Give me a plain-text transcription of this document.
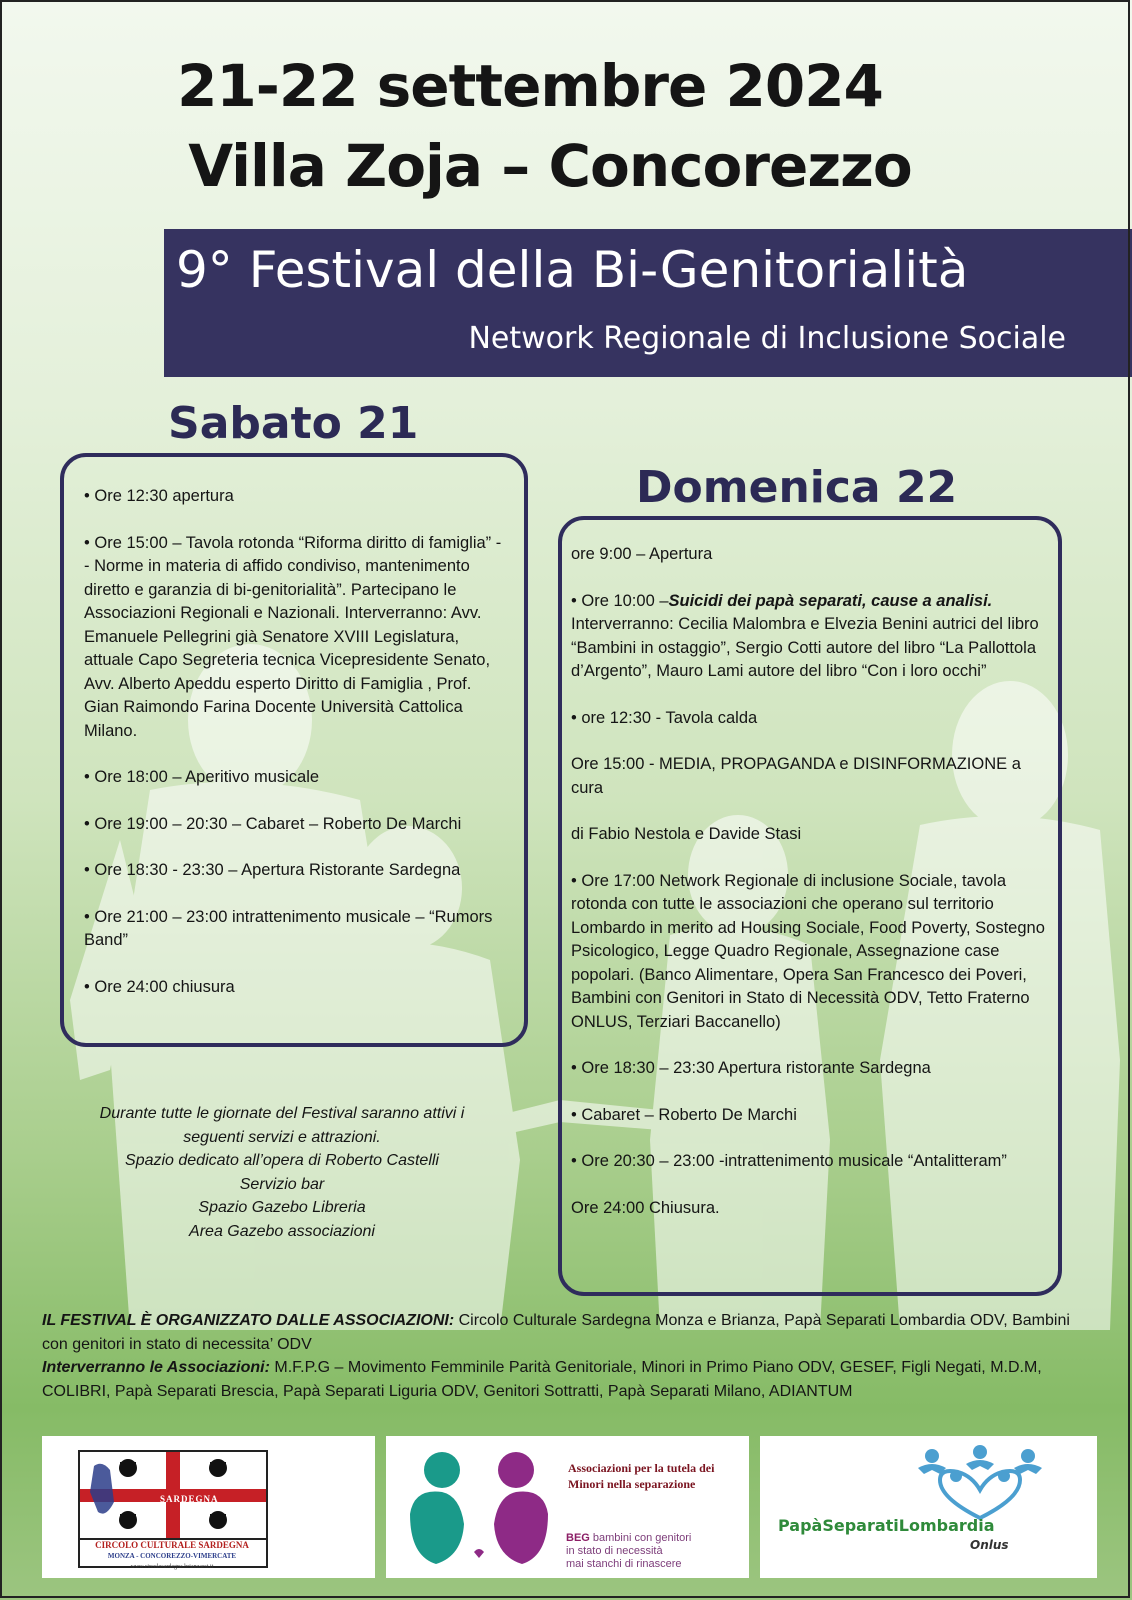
21-22 settembre 2024
Villa Zoja – Concorezzo
9° Festival della Bi-Genitorialità
Network Regionale di Inclusione Sociale
Sabato 21
• Ore 12:30 apertura
• Ore 15:00 – Tavola rotonda “Riforma diritto di famiglia” - - Norme in materia di affido condiviso, mantenimento diretto e garanzia di bi-genitorialità”. Partecipano le Associazioni Regionali e Nazionali. Interverranno: Avv. Emanuele Pellegrini già Senatore XVIII Legislatura, attuale Capo Segreteria tecnica Vicepresidente Senato, Avv. Alberto Apeddu esperto Diritto di Famiglia , Prof. Gian Raimondo Farina Docente Università Cattolica Milano.
• Ore 18:00 – Aperitivo musicale
• Ore 19:00 – 20:30 – Cabaret – Roberto De Marchi
• Ore 18:30 - 23:30 – Apertura Ristorante Sardegna
• Ore 21:00 – 23:00 intrattenimento musicale – “Rumors Band”
• Ore 24:00 chiusura
Domenica 22
ore 9:00 – Apertura
• Ore 10:00 –Suicidi dei papà separati, cause a analisi.
Interverranno: Cecilia Malombra e Elvezia Benini autrici del libro “Bambini in ostaggio”, Sergio Cotti autore del libro “La Pallottola d’Argento”, Mauro Lami autore del libro “Con i loro occhi”
• ore 12:30 - Tavola calda
Ore 15:00 - MEDIA, PROPAGANDA e DISINFORMAZIONE a cura
di Fabio Nestola e Davide Stasi
• Ore 17:00 Network Regionale di inclusione Sociale, tavola rotonda con tutte le associazioni che operano sul territorio Lombardo in merito ad Housing Sociale, Food Poverty, Sostegno Psicologico, Legge Quadro Regionale, Assegnazione case popolari. (Banco Alimentare, Opera San Francesco dei Poveri, Bambini con Genitori in Stato di Necessità ODV, Tetto Fraterno ONLUS, Terziari Baccanello)
• Ore 18:30 – 23:30 Apertura ristorante Sardegna
• Cabaret – Roberto De Marchi
• Ore 20:30 – 23:00 -intrattenimento musicale “Antalitteram”
Ore 24:00 Chiusura.
Durante tutte le giornate del Festival saranno attivi i seguenti servizi e attrazioni.
Spazio dedicato all’opera di Roberto Castelli
Servizio bar
Spazio Gazebo Libreria
Area Gazebo associazioni

IL FESTIVAL È ORGANIZZATO DALLE ASSOCIAZIONI: Circolo Culturale Sardegna Monza e Brianza, Papà Separati Lombardia ODV, Bambini con genitori in stato di necessita’ ODV

Interverranno le Associazioni: M.F.P.G – Movimento Femminile Parità Genitoriale, Minori in Primo Piano ODV, GESEF, Figli Negati, M.D.M, COLIBRI, Papà Separati Brescia, Papà Separati Liguria ODV, Genitori Sottratti, Papà Separati Milano, ADIANTUM

SARDEGNA
CIRCOLO CULTURALE SARDEGNA
MONZA - CONCOREZZO-VIMERCATE
www.circolosardegna.brianzaest.it
Associazioni per la tutela dei Minori nella separazione
BEG bambini con genitori
in stato di necessità
mai stanchi di rinascere
PapàSeparatiLombardia
Onlus
